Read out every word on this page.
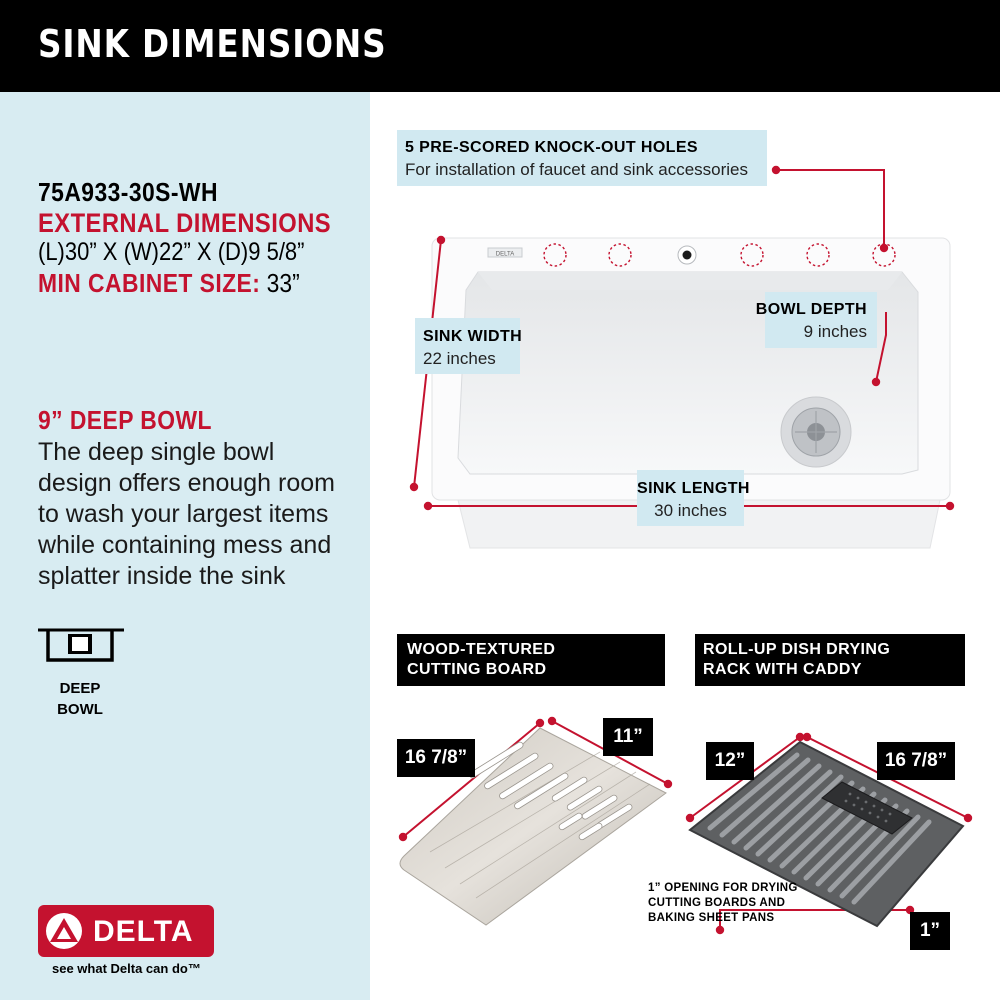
SINK DIMENSIONS
75A933-30S-WH
EXTERNAL DIMENSIONS
(L)30” X (W)22” X (D)9 5/8”
MIN CABINET SIZE: 33”
9” DEEP BOWL
The deep single bowl
design offers enough room
to wash your largest items
while containing mess and
splatter inside the sink
DEEP
BOWL
DELTA
see what Delta can do™
DELTA
5 PRE-SCORED KNOCK-OUT HOLES
For installation of faucet and sink accessories
SINK WIDTH
22 inches
BOWL DEPTH
9 inches
SINK LENGTH
30 inches
WOOD-TEXTURED
CUTTING BOARD
ROLL-UP DISH DRYING
RACK WITH CADDY
16 7/8”
11”
12”	16 7/8”
1”
1” OPENING FOR DRYING
CUTTING BOARDS AND
BAKING SHEET PANS
